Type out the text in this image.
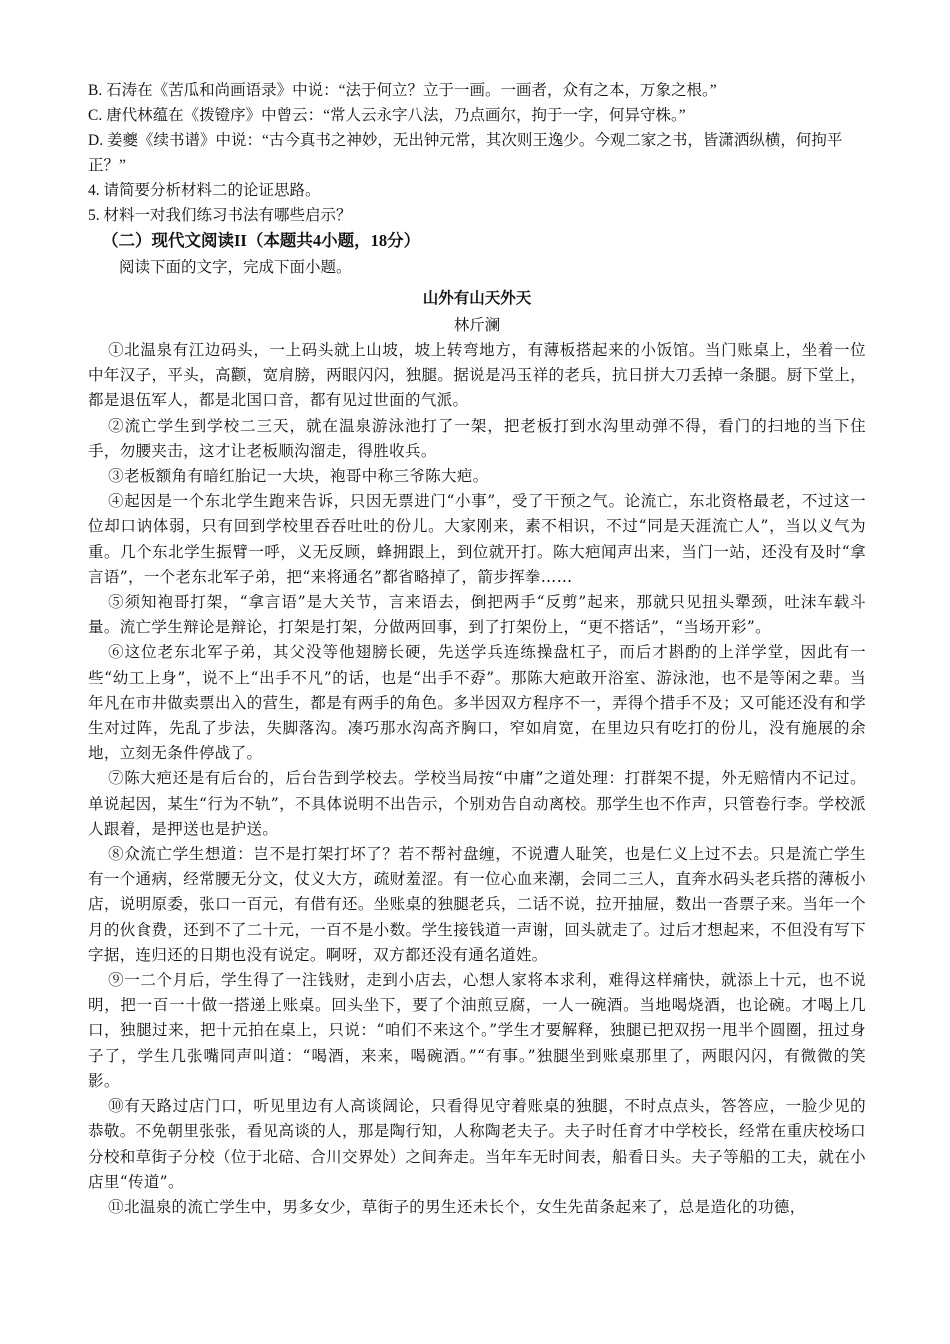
B. 石涛在《苦瓜和尚画语录》中说：“法于何立？立于一画。一画者，众有之本，万象之根。”

C. 唐代林蕴在《拨镫序》中曾云：“常人云永字八法，乃点画尔，拘于一字，何异守株。”

D. 姜夔《续书谱》中说：“古今真书之神妙，无出钟元常，其次则王逸少。今观二家之书，皆潇洒纵横，何拘平正？”

4. 请简要分析材料二的论证思路。

5. 材料一对我们练习书法有哪些启示？

（二）现代文阅读II（本题共4小题，18分）

阅读下面的文字，完成下面小题。

山外有山天外天

林斤澜

①北温泉有江边码头，一上码头就上山坡，坡上转弯地方，有薄板搭起来的小饭馆。当门账桌上，坐着一位中年汉子，平头，高颧，宽肩膀，两眼闪闪，独腿。据说是冯玉祥的老兵，抗日拼大刀丢掉一条腿。厨下堂上，都是退伍军人，都是北国口音，都有见过世面的气派。

②流亡学生到学校二三天，就在温泉游泳池打了一架，把老板打到水沟里动弹不得，看门的扫地的当下住手，勿腰夹击，这才让老板顺沟溜走，得胜收兵。

③老板额角有暗红胎记一大块，袍哥中称三爷陈大疤。

④起因是一个东北学生跑来告诉，只因无票进门“小事”，受了干预之气。论流亡，东北资格最老，不过这一位却口讷体弱，只有回到学校里吞吞吐吐的份儿。大家刚来，素不相识，不过“同是天涯流亡人”，当以义气为重。几个东北学生振臂一呼，义无反顾，蜂拥跟上，到位就开打。陈大疤闻声出来，当门一站，还没有及时“拿言语”，一个老东北军子弟，把“来将通名”都省略掉了，箭步挥拳……

⑤须知袍哥打架，“拿言语”是大关节，言来语去，倒把两手“反剪”起来，那就只见扭头犟颈，吐沫车载斗量。流亡学生辩论是辩论，打架是打架，分做两回事，到了打架份上，“更不搭话”，“当场开彩”。

⑥这位老东北军子弟，其父没等他翅膀长硬，先送学兵连练操盘杠子，而后才斟酌的上洋学堂，因此有一些“幼工上身”，说不上“出手不凡”的话，也是“出手不孬”。那陈大疤敢开浴室、游泳池，也不是等闲之辈。当年凡在市井做卖票出入的营生，都是有两手的角色。多半因双方程序不一，弄得个措手不及；又可能还没有和学生对过阵，先乱了步法，失脚落沟。凑巧那水沟高齐胸口，窄如肩宽，在里边只有吃打的份儿，没有施展的余地，立刻无条件停战了。

⑦陈大疤还是有后台的，后台告到学校去。学校当局按“中庸”之道处理：打群架不提，外无赔情内不记过。单说起因，某生“行为不轨”，不具体说明不出告示，个别劝告自动离校。那学生也不作声，只管卷行李。学校派人跟着，是押送也是护送。

⑧众流亡学生想道：岂不是打架打坏了？若不帮衬盘缠，不说遭人耻笑，也是仁义上过不去。只是流亡学生有一个通病，经常腰无分文，仗义大方，疏财羞涩。有一位心血来潮，会同二三人，直奔水码头老兵搭的薄板小店，说明原委，张口一百元，有借有还。坐账桌的独腿老兵，二话不说，拉开抽屉，数出一沓票子来。当年一个月的伙食费，还到不了二十元，一百不是小数。学生接钱道一声谢，回头就走了。过后才想起来，不但没有写下字据，连归还的日期也没有说定。啊呀，双方都还没有通名道姓。

⑨一二个月后，学生得了一注钱财，走到小店去，心想人家将本求利，难得这样痛快，就添上十元，也不说明，把一百一十做一搭递上账桌。回头坐下，要了个油煎豆腐，一人一碗酒。当地喝烧酒，也论碗。才喝上几口，独腿过来，把十元拍在桌上，只说：“咱们不来这个。”学生才要解释，独腿已把双拐一甩半个圆圈，扭过身子了，学生几张嘴同声叫道：“喝酒，来来，喝碗酒。”“有事。”独腿坐到账桌那里了，两眼闪闪，有微微的笑影。

⑩有天路过店门口，听见里边有人高谈阔论，只看得见守着账桌的独腿，不时点点头，答答应，一脸少见的恭敬。不免朝里张张，看见高谈的人，那是陶行知，人称陶老夫子。夫子时任育才中学校长，经常在重庆校场口分校和草街子分校（位于北碚、合川交界处）之间奔走。当年车无时间表，船看日头。夫子等船的工夫，就在小店里“传道”。

⑪北温泉的流亡学生中，男多女少，草街子的男生还未长个，女生先苗条起来了，总是造化的功德，
